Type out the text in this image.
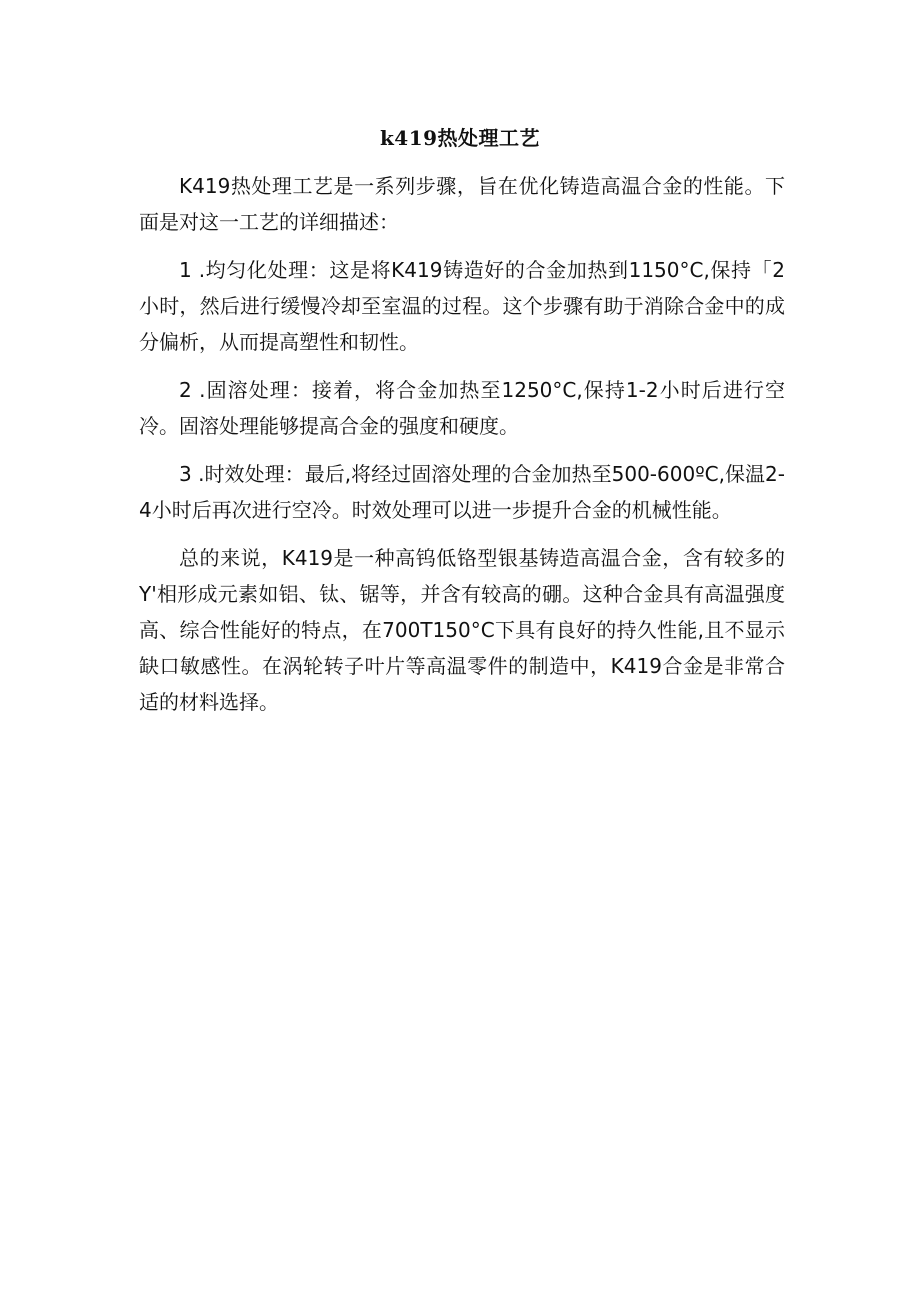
k419热处理工艺

K419热处理工艺是一系列步骤，旨在优化铸造高温合金的性能。下面是对这一工艺的详细描述：

1 .均匀化处理：这是将K419铸造好的合金加热到1150°C,保持「2小时，然后进行缓慢冷却至室温的过程。这个步骤有助于消除合金中的成分偏析，从而提高塑性和韧性。

2 .固溶处理：接着，将合金加热至1250°C,保持1-2小时后进行空冷。固溶处理能够提高合金的强度和硬度。

3 .时效处理：最后,将经过固溶处理的合金加热至500-600ºC,保温2-4小时后再次进行空冷。时效处理可以进一步提升合金的机械性能。

总的来说，K419是一种高钨低铬型银基铸造高温合金，含有较多的Y'相形成元素如铝、钛、锯等，并含有较高的硼。这种合金具有高温强度高、综合性能好的特点，在700T150°C下具有良好的持久性能,且不显示缺口敏感性。在涡轮转子叶片等高温零件的制造中，K419合金是非常合适的材料选择。
